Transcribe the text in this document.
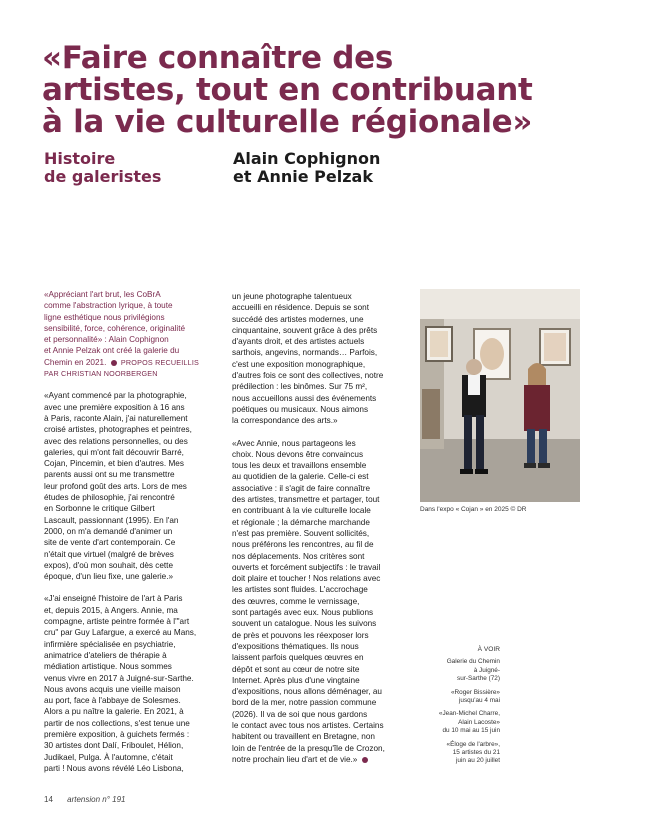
«Faire connaître des
artistes, tout en contribuant
à la vie culturelle régionale»
Histoire
de galeristes
Alain Cophignon
et Annie Pelzak

«Appréciant l'art brut, les CoBrA
comme l'abstraction lyrique, à toute
ligne esthétique nous privilégions
sensibilité, force, cohérence, originalité
et personnalité» : Alain Cophignon
et Annie Pelzak ont créé la galerie du
Chemin en 2021. PROPOS RECUEILLIS
PAR CHRISTIAN NOORBERGEN

«Ayant commencé par la photographie,
avec une première exposition à 16 ans
à Paris, raconte Alain, j'ai naturellement
croisé artistes, photographes et peintres,
avec des relations personnelles, ou des
galeries, qui m'ont fait découvrir Barré,
Cojan, Pincemin, et bien d'autres. Mes
parents aussi ont su me transmettre
leur profond goût des arts. Lors de mes
études de philosophie, j'ai rencontré
en Sorbonne le critique Gilbert
Lascault, passionnant (1995). En l'an
2000, on m'a demandé d'animer un
site de vente d'art contemporain. Ce
n'était que virtuel (malgré de brèves
expos), d'où mon souhait, dès cette
époque, d'un lieu fixe, une galerie.»

«J'ai enseigné l'histoire de l'art à Paris
et, depuis 2015, à Angers. Annie, ma
compagne, artiste peintre formée à l'"art
cru" par Guy Lafargue, a exercé au Mans,
infirmière spécialisée en psychiatrie,
animatrice d'ateliers de thérapie à
médiation artistique. Nous sommes
venus vivre en 2017 à Juigné-sur-Sarthe.
Nous avons acquis une vieille maison
au port, face à l'abbaye de Solesmes.
Alors a pu naître la galerie. En 2021, à
partir de nos collections, s'est tenue une
première exposition, à guichets fermés :
30 artistes dont Dalí, Friboulet, Hélion,
Judikael, Pulga. À l'automne, c'était
parti ! Nous avons révélé Léo Lisbona,

un jeune photographe talentueux
accueilli en résidence. Depuis se sont
succédé des artistes modernes, une
cinquantaine, souvent grâce à des prêts
d'ayants droit, et des artistes actuels
sarthois, angevins, normands… Parfois,
c'est une exposition monographique,
d'autres fois ce sont des collectives, notre
prédilection : les binômes. Sur 75 m²,
nous accueillons aussi des événements
poétiques ou musicaux. Nous aimons
la correspondance des arts.»

«Avec Annie, nous partageons les
choix. Nous devons être convaincus
tous les deux et travaillons ensemble
au quotidien de la galerie. Celle-ci est
associative : il s'agit de faire connaître
des artistes, transmettre et partager, tout
en contribuant à la vie culturelle locale
et régionale ; la démarche marchande
n'est pas première. Souvent sollicités,
nous préférons les rencontres, au fil de
nos déplacements. Nos critères sont
ouverts et forcément subjectifs : le travail
doit plaire et toucher ! Nos relations avec
les artistes sont fluides. L'accrochage
des œuvres, comme le vernissage,
sont partagés avec eux. Nous publions
souvent un catalogue. Nous les suivons
de près et pouvons les réexposer lors
d'expositions thématiques. Ils nous
laissent parfois quelques œuvres en
dépôt et sont au cœur de notre site
Internet. Après plus d'une vingtaine
d'expositions, nous allons déménager, au
bord de la mer, notre passion commune
(2026). Il va de soi que nous gardons
le contact avec tous nos artistes. Certains
habitent ou travaillent en Bretagne, non
loin de l'entrée de la presqu'île de Crozon,
notre prochain lieu d'art et de vie.»

Dans l'expo « Cojan » en 2025 © DR
À VOIR

Galerie du Chemin
à Juigné-
sur-Sarthe (72)

«Roger Bissière»
jusqu'au 4 mai

«Jean-Michel Charre,
Alain Lacoste»
du 10 mai au 15 juin

«Éloge de l'arbre»,
15 artistes du 21
juin au 20 juillet

14 artension n° 191
